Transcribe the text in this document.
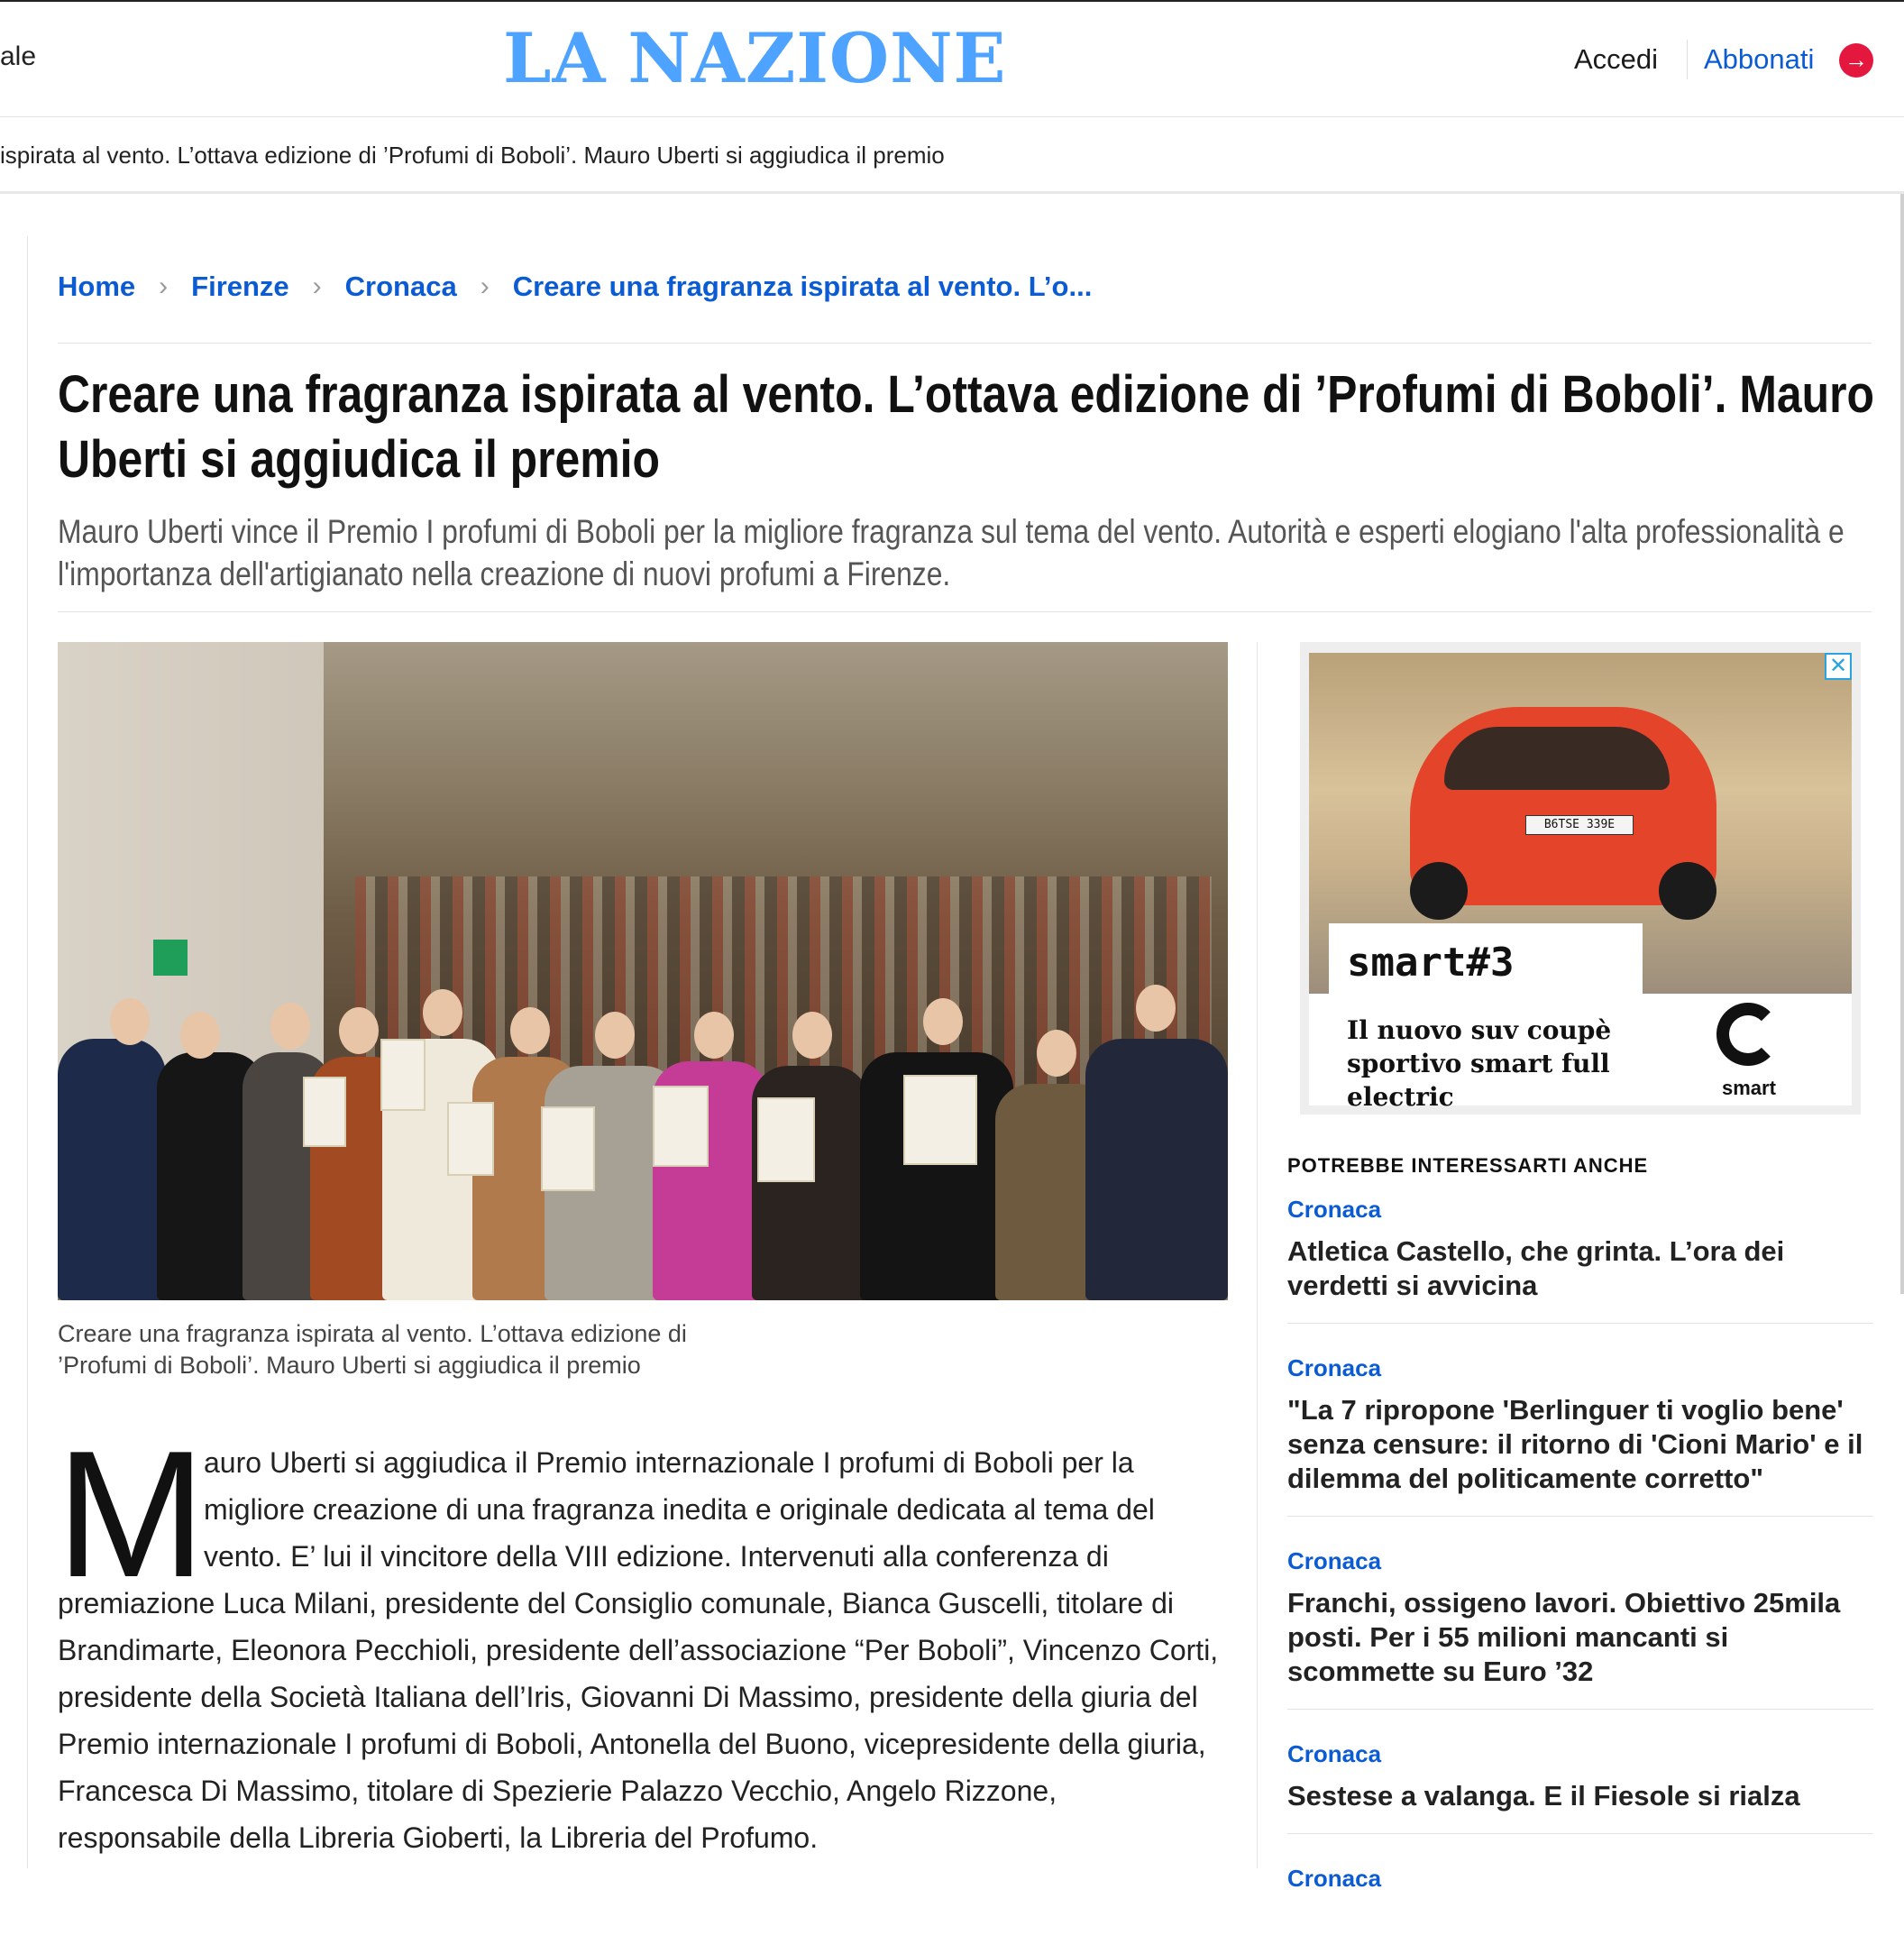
ale	LA NAZIONE	Accedi Abbonati →
ispirata al vento. L’ottava edizione di ’Profumi di Boboli’. Mauro Uberti si aggiudica il premio
Home › Firenze › Cronaca › Creare una fragranza ispirata al vento. L’o...
Creare una fragranza ispirata al vento. L’ottava edizione di ’Profumi di Boboli’. Mauro Uberti si aggiudica il premio

Mauro Uberti vince il Premio I profumi di Boboli per la migliore fragranza sul tema del vento. Autorità e esperti elogiano l'alta professionalità e l'importanza dell'artigianato nella creazione di nuovi profumi a Firenze.

Creare una fragranza ispirata al vento. L’ottava edizione di ’Profumi di Boboli’. Mauro Uberti si aggiudica il premio

M

auro Uberti si aggiudica il Premio internazionale I profumi di Boboli per la migliore creazione di una fragranza inedita e originale dedicata al tema del vento. E’ lui il vincitore della VIII edizione. Intervenuti alla conferenza di

premiazione Luca Milani, presidente del Consiglio comunale, Bianca Guscelli, titolare di Brandimarte, Eleonora Pecchioli, presidente dell’associazione “Per Boboli”, Vincenzo Corti, presidente della Società Italiana dell’Iris, Giovanni Di Massimo, presidente della giuria del Premio internazionale I profumi di Boboli, Antonella del Buono, vicepresidente della giuria, Francesca Di Massimo, titolare di Spezierie Palazzo Vecchio, Angelo Rizzone, responsabile della Libreria Gioberti, la Libreria del Profumo.

B6TSE 339E
smart#3

Il nuovo suv coupè sportivo smart full electric	smart
✕
POTREBBE INTERESSARTI ANCHE
Cronaca
Atletica Castello, che grinta. L’ora dei verdetti si avvicina
Cronaca
"La 7 ripropone 'Berlinguer ti voglio bene' senza censure: il ritorno di 'Cioni Mario' e il dilemma del politicamente corretto"
Cronaca
Franchi, ossigeno lavori. Obiettivo 25mila posti. Per i 55 milioni mancanti si scommette su Euro ’32
Cronaca
Sestese a valanga. E il Fiesole si rialza
Cronaca
